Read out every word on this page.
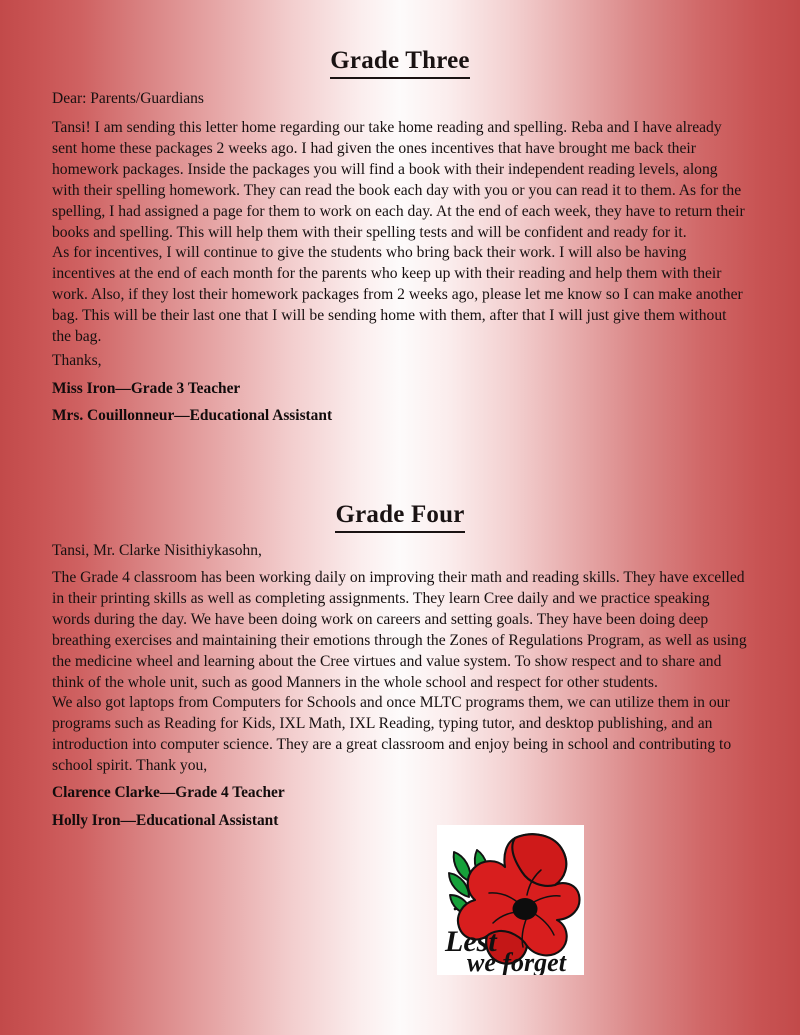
Grade Three
Dear: Parents/Guardians

Tansi! I am sending this letter home regarding our take home reading and spelling. Reba and I have already sent home these packages 2 weeks ago. I had given the ones incentives that have brought me back their homework packages. Inside the packages you will find a book with their independent reading levels, along with their spelling homework. They can read the book each day with you or you can read it to them. As for the spelling, I had assigned a page for them to work on each day. At the end of each week, they have to return their books and spelling. This will help them with their spelling tests and will be confident and ready for it.

As for incentives, I will continue to give the students who bring back their work. I will also be having incentives at the end of each month for the parents who keep up with their reading and help them with their work. Also, if they lost their homework packages from 2 weeks ago, please let me know so I can make another bag. This will be their last one that I will be sending home with them, after that I will just give them without the bag.

Thanks,
Miss Iron—Grade 3 Teacher
Mrs. Couillonneur—Educational Assistant
Grade Four
Tansi, Mr. Clarke Nisithiykasohn,

The Grade 4 classroom has been working daily on improving their math and reading skills. They have excelled in their printing skills as well as completing assignments. They learn Cree daily and we practice speaking words during the day. We have been doing work on careers and setting goals. They have been doing deep breathing exercises and maintaining their emotions through the Zones of Regulations Program, as well as using the medicine wheel and learning about the Cree virtues and value system. To show respect and to share and think of the whole unit, such as good Manners in the whole school and respect for other students.

We also got laptops from Computers for Schools and once MLTC programs them, we can utilize them in our programs such as Reading for Kids, IXL Math, IXL Reading, typing tutor, and desktop publishing, and an introduction into computer science. They are a great classroom and enjoy being in school and contributing to school spirit. Thank you,

Clarence Clarke—Grade 4 Teacher
Holly Iron—Educational Assistant
Lest
we forget
